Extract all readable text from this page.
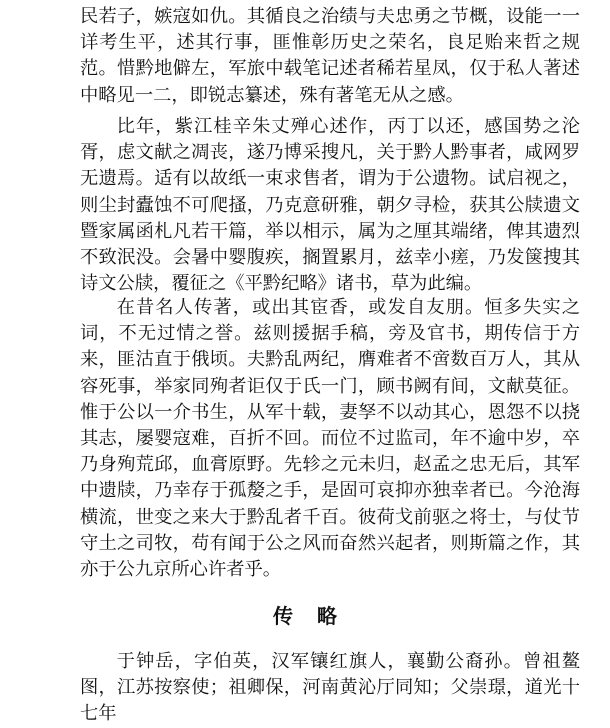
民若子，嫉寇如仇。其循良之治绩与夫忠勇之节概，设能一一详考生平，述其行事，匪惟彰历史之荣名，良足贻来哲之规范。惜黔地僻左，军旅中载笔记述者稀若星凤，仅于私人著述中略见一二，即锐志纂述，殊有著笔无从之感。

比年，紫江桂辛朱丈殚心述作，丙丁以还，感国势之沦胥，虑文献之凋丧，遂乃博采搜凡，关于黔人黔事者，咸网罗无遗焉。适有以故纸一束求售者，谓为于公遗物。试启视之，则尘封蠹蚀不可爬搔，乃克意研雅，朝夕寻检，获其公牍遗文暨家属函札凡若干篇，举以相示，属为之厘其端绪，俾其遗烈不致泯没。会暑中婴腹疾，搁置累月，兹幸小瘥，乃发箧捜其诗文公牍，覆征之《平黔纪略》诸书，草为此编。

在昔名人传著，或出其宦香，或发自友朋。恒多失实之词，不无过情之誉。兹则援据手稿，旁及官书，期传信于方来，匪沽直于俄顷。夫黔乱两纪，膺难者不啻数百万人，其从容死事，举家同殉者讵仅于氏一门，顾书阙有间，文献莫征。惟于公以一介书生，从军十载，妻孥不以动其心，恩怨不以挠其志，屡婴寇难，百折不回。而位不过监司，年不逾中岁，卒乃身殉荒邱，血膏原野。先轸之元未归，赵孟之忠无后，其军中遗牍，乃幸存于孤嫠之手，是固可哀抑亦独幸者已。今沧海横流，世变之来大于黔乱者千百。彼荷戈前驱之将士，与仗节守土之司牧，苟有闻于公之风而奋然兴起者，则斯篇之作，其亦于公九京所心许者乎。

传略

于钟岳，字伯英，汉军镶红旗人，襄勤公裔孙。曾祖鳌图，江苏按察使；祖卿保，河南黄沁厅同知；父崇璟，道光十七年
